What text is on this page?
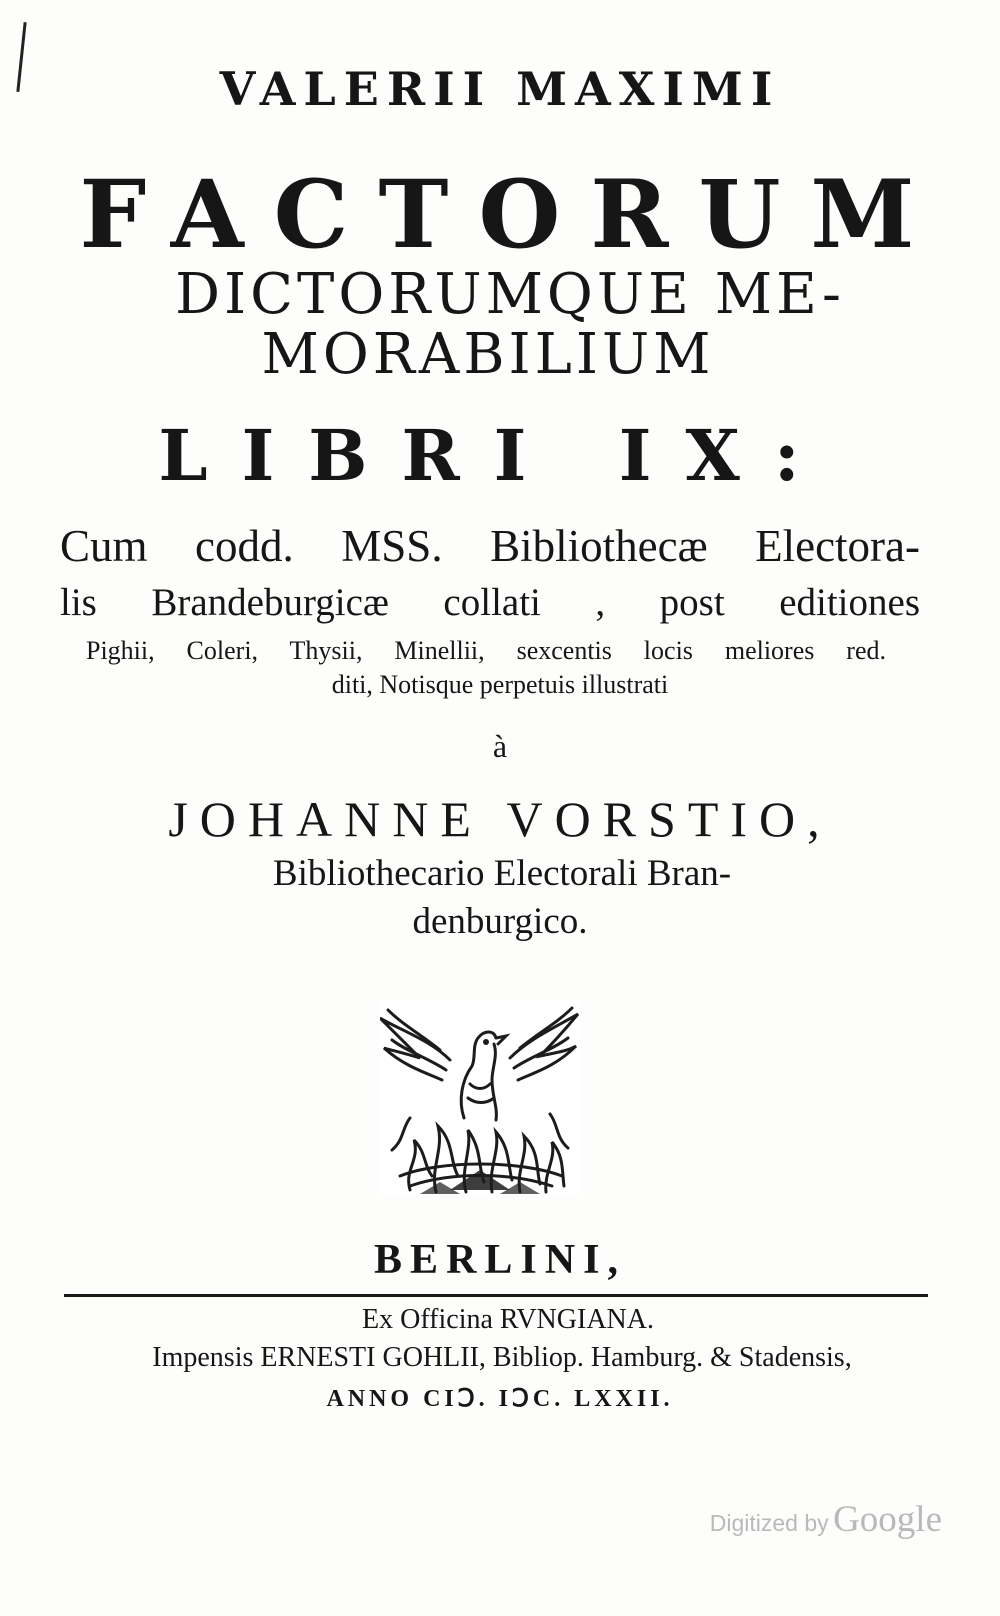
VALERII MAXIMI
FACTORUM
DICTORUMQUE ME-
MORABILIUM
LIBRI IX:
Cum codd. MSS. Bibliothecæ Electora-
lis Brandeburgicæ collati , post editiones
Pighii, Coleri, Thysii, Minellii, sexcentis locis meliores red.
diti, Notisque perpetuis illustrati
à
JOHANNE VORSTIO,
Bibliothecario Electorali Bran-
denburgico.
BERLINI,
Ex Officina RVNGIANA.
Impensis ERNESTI GOHLII, Bibliop. Hamburg. & Stadensis,
ANNO CIↃ. IↃC. LXXII.
Digitized by Google
